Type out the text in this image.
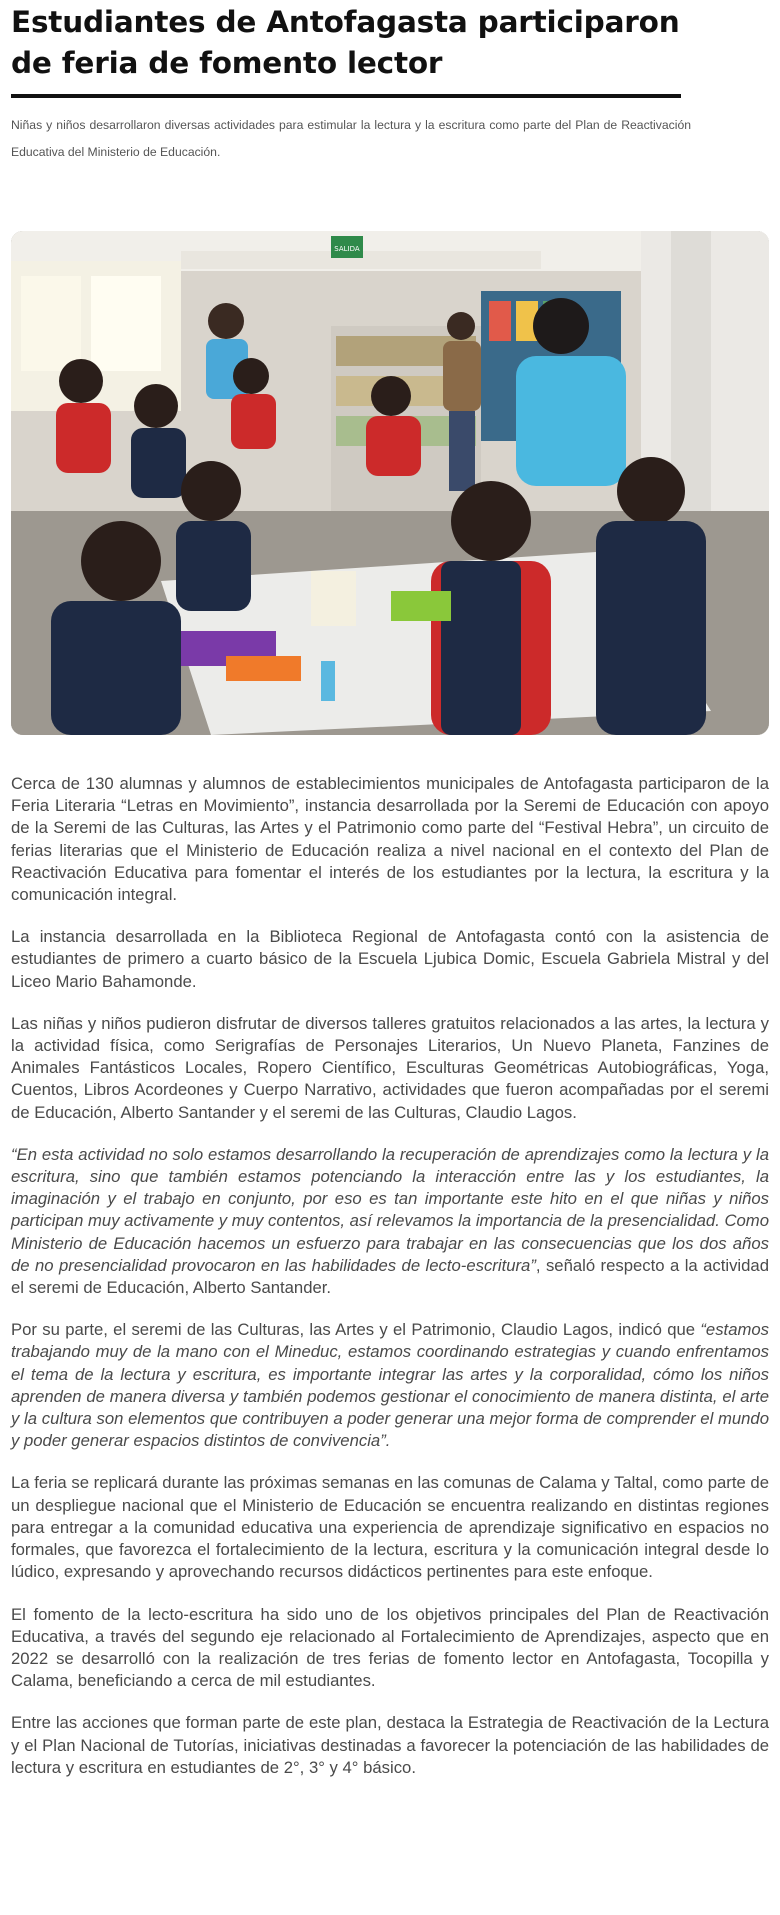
Estudiantes de Antofagasta participaron de feria de fomento lector

Niñas y niños desarrollaron diversas actividades para estimular la lectura y la escritura como parte del Plan de Reactivación Educativa del Ministerio de Educación.

SALIDA

Cerca de 130 alumnas y alumnos de establecimientos municipales de Antofagasta participaron de la Feria Literaria “Letras en Movimiento”, instancia desarrollada por la Seremi de Educación con apoyo de la Seremi de las Culturas, las Artes y el Patrimonio como parte del “Festival Hebra”, un circuito de ferias literarias que el Ministerio de Educación realiza a nivel nacional en el contexto del Plan de Reactivación Educativa para fomentar el interés de los estudiantes por la lectura, la escritura y la comunicación integral.

La instancia desarrollada en la Biblioteca Regional de Antofagasta contó con la asistencia de estudiantes de primero a cuarto básico de la Escuela Ljubica Domic, Escuela Gabriela Mistral y del Liceo Mario Bahamonde.

Las niñas y niños pudieron disfrutar de diversos talleres gratuitos relacionados a las artes, la lectura y la actividad física, como Serigrafías de Personajes Literarios, Un Nuevo Planeta, Fanzines de Animales Fantásticos Locales, Ropero Científico, Esculturas Geométricas Autobiográficas, Yoga, Cuentos, Libros Acordeones y Cuerpo Narrativo, actividades que fueron acompañadas por el seremi de Educación, Alberto Santander y el seremi de las Culturas, Claudio Lagos.

“En esta actividad no solo estamos desarrollando la recuperación de aprendizajes como la lectura y la escritura, sino que también estamos potenciando la interacción entre las y los estudiantes, la imaginación y el trabajo en conjunto, por eso es tan importante este hito en el que niñas y niños participan muy activamente y muy contentos, así relevamos la importancia de la presencialidad. Como Ministerio de Educación hacemos un esfuerzo para trabajar en las consecuencias que los dos años de no presencialidad provocaron en las habilidades de lecto-escritura”, señaló respecto a la actividad el seremi de Educación, Alberto Santander.

Por su parte, el seremi de las Culturas, las Artes y el Patrimonio, Claudio Lagos, indicó que “estamos trabajando muy de la mano con el Mineduc, estamos coordinando estrategias y cuando enfrentamos el tema de la lectura y escritura, es importante integrar las artes y la corporalidad, cómo los niños aprenden de manera diversa y también podemos gestionar el conocimiento de manera distinta, el arte y la cultura son elementos que contribuyen a poder generar una mejor forma de comprender el mundo y poder generar espacios distintos de convivencia”.

La feria se replicará durante las próximas semanas en las comunas de Calama y Taltal, como parte de un despliegue nacional que el Ministerio de Educación se encuentra realizando en distintas regiones para entregar a la comunidad educativa una experiencia de aprendizaje significativo en espacios no formales, que favorezca el fortalecimiento de la lectura, escritura y la comunicación integral desde lo lúdico, expresando y aprovechando recursos didácticos pertinentes para este enfoque.

El fomento de la lecto-escritura ha sido uno de los objetivos principales del Plan de Reactivación Educativa, a través del segundo eje relacionado al Fortalecimiento de Aprendizajes, aspecto que en 2022 se desarrolló con la realización de tres ferias de fomento lector en Antofagasta, Tocopilla y Calama, beneficiando a cerca de mil estudiantes.

Entre las acciones que forman parte de este plan, destaca la Estrategia de Reactivación de la Lectura y el Plan Nacional de Tutorías, iniciativas destinadas a favorecer la potenciación de las habilidades de lectura y escritura en estudiantes de 2°, 3° y 4° básico.
